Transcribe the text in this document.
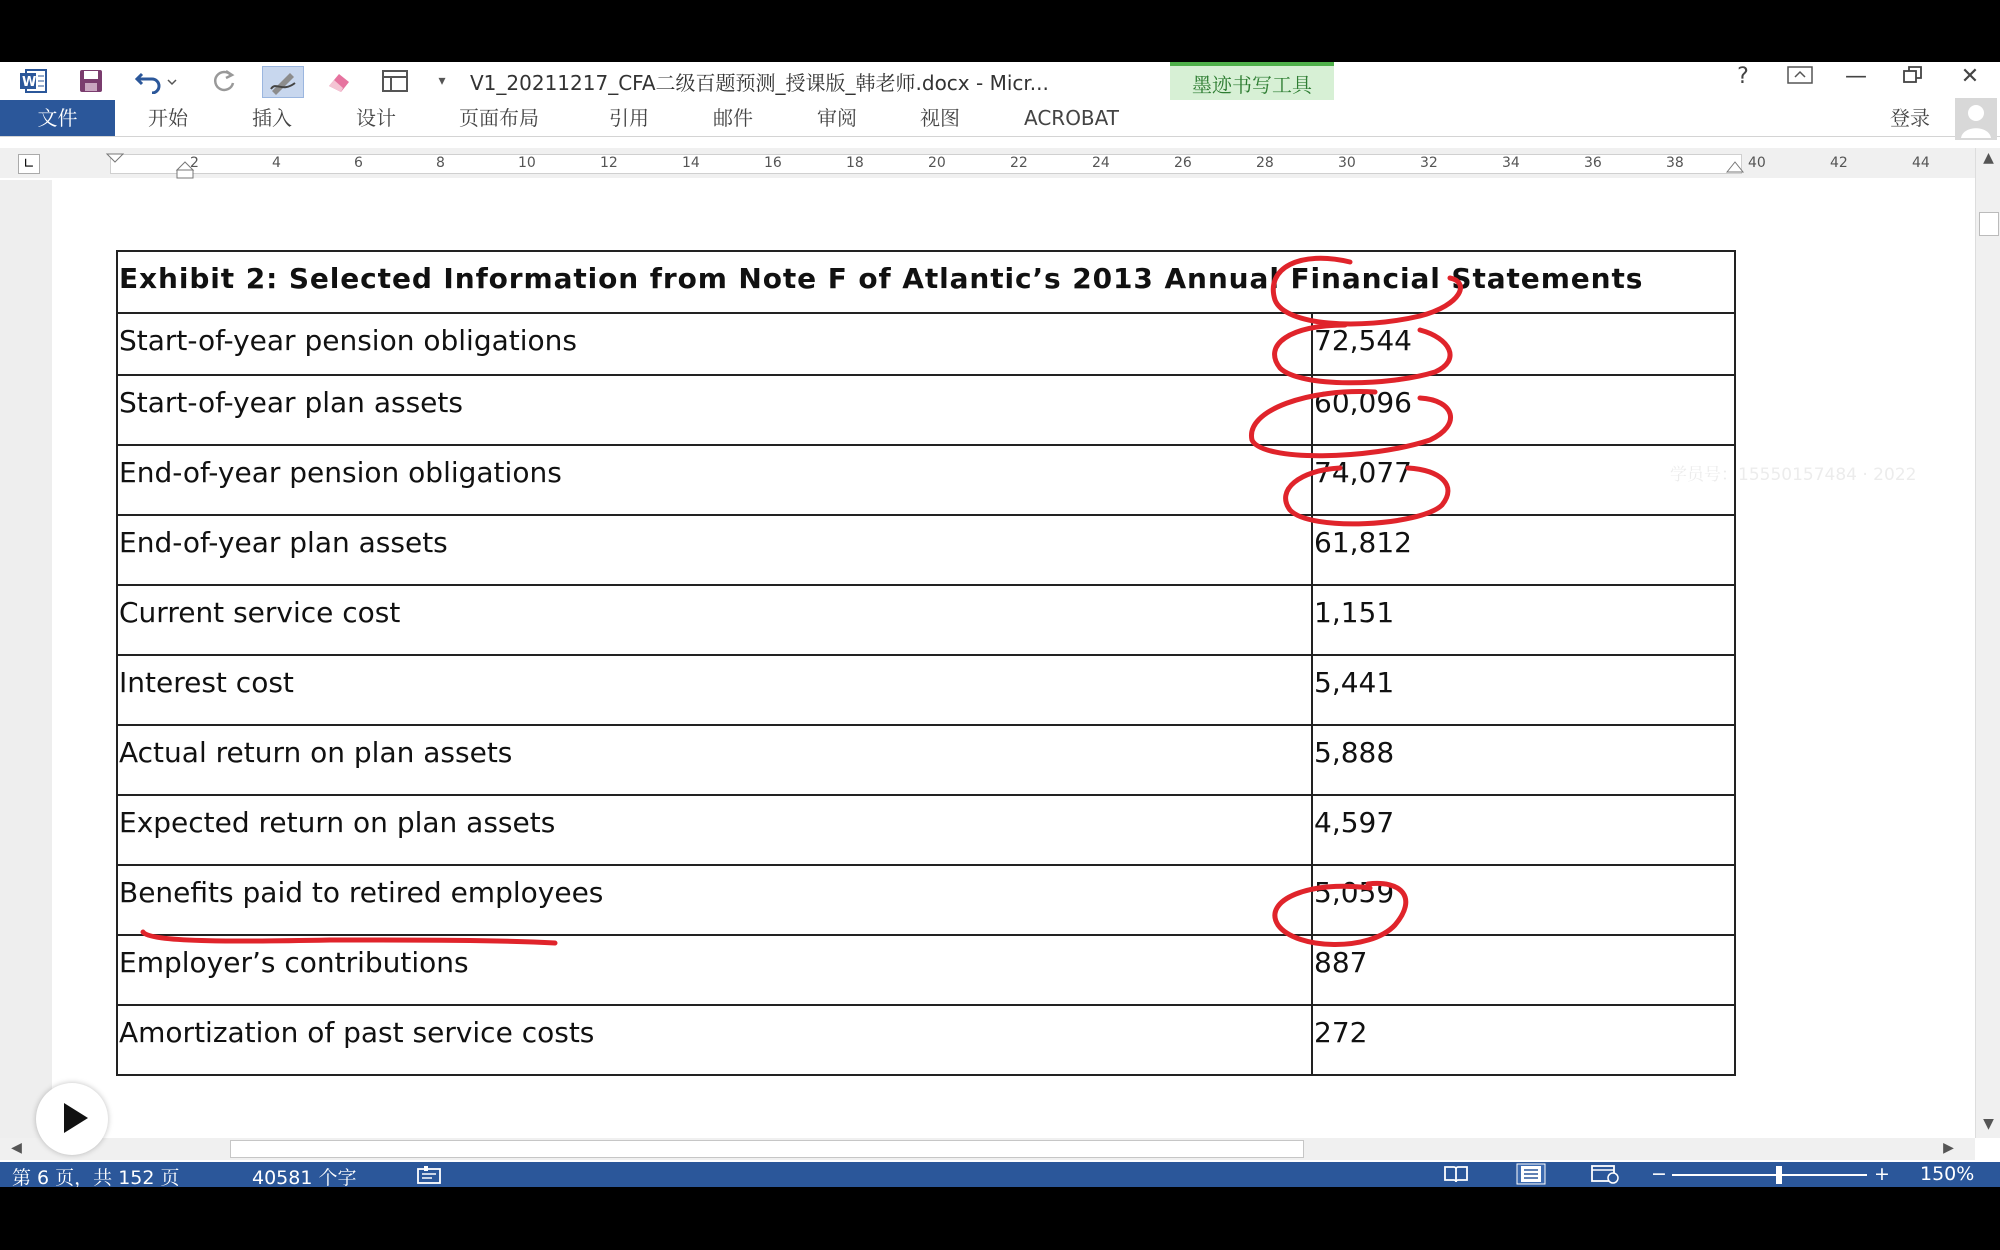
W	▾	V1_20211217_CFA二级百题预测_授课版_韩老师.docx - Micr...	墨迹书写工具	?	—	✕
文件	开始	插入	设计	页面布局	引用	邮件	审阅	视图	ACROBAT	登录
∟	2	4	6	8	10	12	14	16	18	20	22	24	26	28	30	32	34	36	38	40	42	44
Exhibit 2: Selected Information from Note F of Atlantic’s 2013 Annual Financial Statements	
Start-of-year pension obligations	72,544
Start-of-year plan assets	60,096
End-of-year pension obligations	74,077
End-of-year plan assets	61,812
Current service cost	1,151
Interest cost	5,441
Actual return on plan assets	5,888
Expected return on plan assets	4,597
Benefits paid to retired employees	5,059
Employer’s contributions	887
Amortization of past service costs	272
学员号：15550157484 · 2022
▲
▼
◀	▶
第 6 页，共 152 页	40581 个字	−	+ 150%
